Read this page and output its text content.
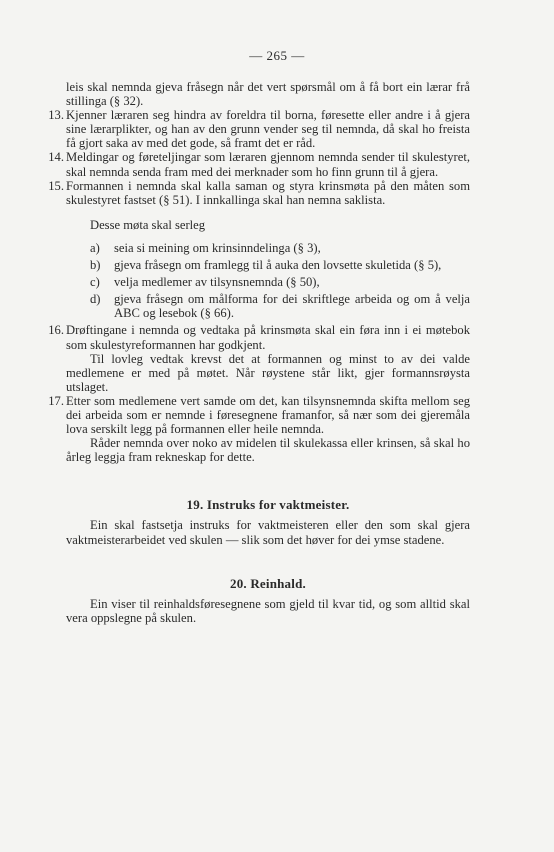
— 265 —
leis skal nemnda gjeva fråsegn når det vert spørsmål om å få bort ein lærar frå stillinga (§ 32).
13. Kjenner læraren seg hindra av foreldra til borna, føresette eller andre i å gjera sine lærarplikter, og han av den grunn vender seg til nemnda, då skal ho freista få gjort saka av med det gode, så framt det er råd.
14. Meldingar og føreteljingar som læraren gjennom nemnda sender til skulestyret, skal nemnda senda fram med dei merknader som ho finn grunn til å gjera.
15. Formannen i nemnda skal kalla saman og styra krinsmøta på den måten som skulestyret fastset (§ 51). I innkallinga skal han nemna saklista.
Desse møta skal serleg
a)	seia si meining om krinsinndelinga (§ 3),
b)	gjeva fråsegn om framlegg til å auka den lovsette skuletida (§ 5),
c)	velja medlemer av tilsynsnemnda (§ 50),
d)	gjeva fråsegn om målforma for dei skriftlege arbeida og om å velja ABC og lesebok (§ 66).
16. Drøftingane i nemnda og vedtaka på krinsmøta skal ein føra inn i ei møtebok som skulestyreformannen har godkjent.
Til lovleg vedtak krevst det at formannen og minst to av dei valde medlemene er med på møtet. Når røystene står likt, gjer formannsrøysta utslaget.
17. Etter som medlemene vert samde om det, kan tilsynsnemnda skifta mellom seg dei arbeida som er nemnde i føresegnene framanfor, så nær som dei gjeremåla lova serskilt legg på formannen eller heile nemnda.
Råder nemnda over noko av midelen til skulekassa eller krinsen, så skal ho årleg leggja fram rekneskap for dette.
19. Instruks for vaktmeister.
Ein skal fastsetja instruks for vaktmeisteren eller den som skal gjera vaktmeisterarbeidet ved skulen — slik som det høver for dei ymse stadene.
20. Reinhald.
Ein viser til reinhaldsføresegnene som gjeld til kvar tid, og som alltid skal vera oppslegne på skulen.
